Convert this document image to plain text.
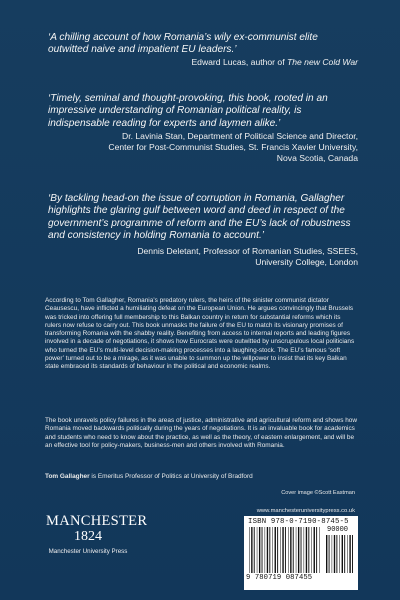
‘A chilling account of how Romania’s wily ex-communist elite outwitted naive and impatient EU leaders.’

Edward Lucas, author of The new Cold War

‘Timely, seminal and thought-provoking, this book, rooted in an impressive understanding of Romanian political reality, is indispensable reading for experts and laymen alike.’

Dr. Lavinia Stan, Department of Political Science and Director,
Center for Post-Communist Studies, St. Francis Xavier University,
Nova Scotia, Canada

‘By tackling head-on the issue of corruption in Romania, Gallagher highlights the glaring gulf between word and deed in respect of the government’s programme of reform and the EU’s lack of robustness and consistency in holding Romania to account.’

Dennis Deletant, Professor of Romanian Studies, SSEES,
University College, London

According to Tom Gallagher, Romania’s predatory rulers, the heirs of the sinister communist dictator Ceausescu, have inflicted a humiliating defeat on the European Union. He argues convincingly that Brussels was tricked into offering full membership to this Balkan country in return for substantial reforms which its rulers now refuse to carry out. This book unmasks the failure of the EU to match its visionary promises of transforming Romania with the shabby reality. Benefiting from access to internal reports and leading figures involved in a decade of negotiations, it shows how Eurocrats were outwitted by unscrupulous local politicians who turned the EU’s multi-level decision-making processes into a laughing-stock. The EU’s famous ‘soft power’ turned out to be a mirage, as it was unable to summon up the willpower to insist that its key Balkan state embraced its standards of behaviour in the political and economic realms.

The book unravels policy failures in the areas of justice, administrative and agricultural reform and shows how Romania moved backwards politically during the years of negotiations. It is an invaluable book for academics and students who need to know about the practice, as well as the theory, of eastern enlargement, and will be an effective tool for policy-makers, business-men and others involved with Romania.

Tom Gallagher is Emeritus Professor of Politics at University of Bradford

Cover image ©Scott Eastman
MANCHESTER
1824
Manchester University Press
www.manchesteruniversitypress.co.uk
ISBN 978-0-7190-8745-5
90000
9 780719 087455
